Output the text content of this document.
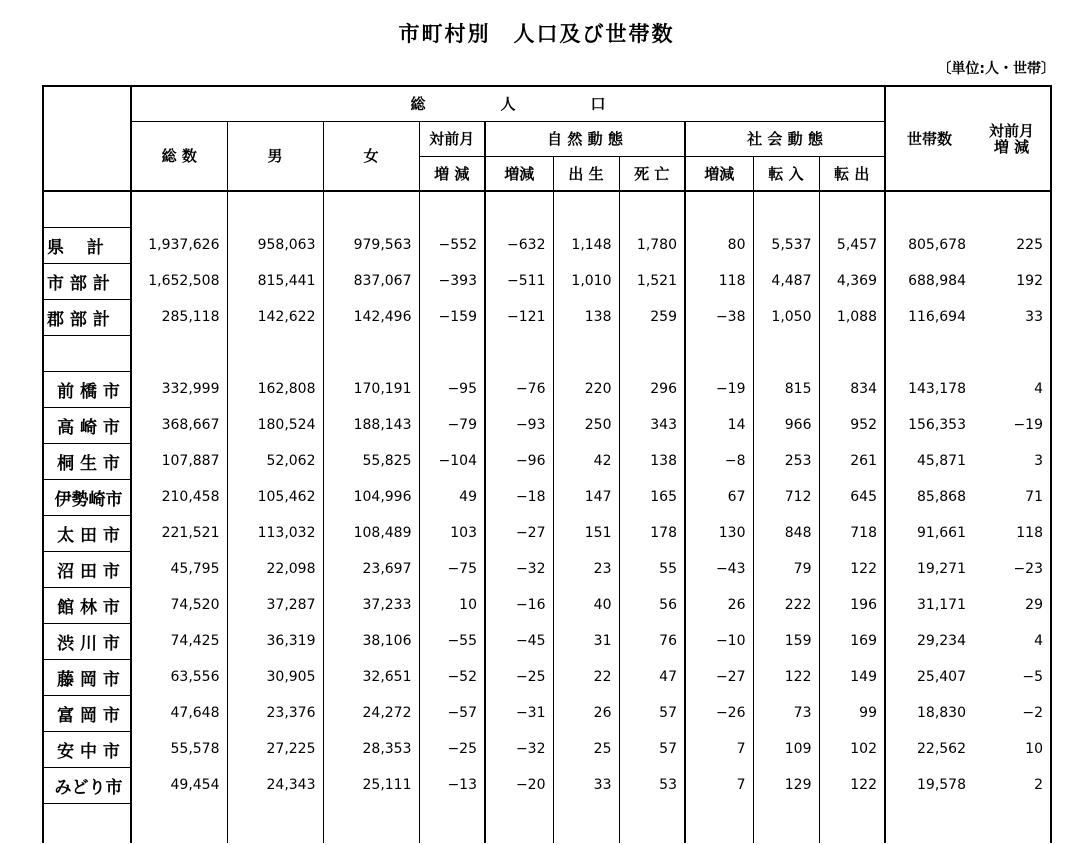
市町村別　人口及び世帯数
〔単位:人・世帯〕
	総　　　　　人　　　　　口										世帯数	対前月
増 減
	総 数	男	女	対前月	自 然 動 態			社 会 動 態				
				増 減	増減	出 生	死 亡	増減	転 入	転 出		

県　 計	1,937,626	958,063	979,563	−552	−632	1,148	1,780	80	5,537	5,457	805,678	225
市 部 計	1,652,508	815,441	837,067	−393	−511	1,010	1,521	118	4,487	4,369	688,984	192
郡 部 計	285,118	142,622	142,496	−159	−121	138	259	−38	1,050	1,088	116,694	33

前 橋 市	332,999	162,808	170,191	−95	−76	220	296	−19	815	834	143,178	4
高 崎 市	368,667	180,524	188,143	−79	−93	250	343	14	966	952	156,353	−19
桐 生 市	107,887	52,062	55,825	−104	−96	42	138	−8	253	261	45,871	3
伊勢崎市	210,458	105,462	104,996	49	−18	147	165	67	712	645	85,868	71
太 田 市	221,521	113,032	108,489	103	−27	151	178	130	848	718	91,661	118
沼 田 市	45,795	22,098	23,697	−75	−32	23	55	−43	79	122	19,271	−23
館 林 市	74,520	37,287	37,233	10	−16	40	56	26	222	196	31,171	29
渋 川 市	74,425	36,319	38,106	−55	−45	31	76	−10	159	169	29,234	4
藤 岡 市	63,556	30,905	32,651	−52	−25	22	47	−27	122	149	25,407	−5
富 岡 市	47,648	23,376	24,272	−57	−31	26	57	−26	73	99	18,830	−2
安 中 市	55,578	27,225	28,353	−25	−32	25	57	7	109	102	22,562	10
みどり市	49,454	24,343	25,111	−13	−20	33	53	7	129	122	19,578	2
